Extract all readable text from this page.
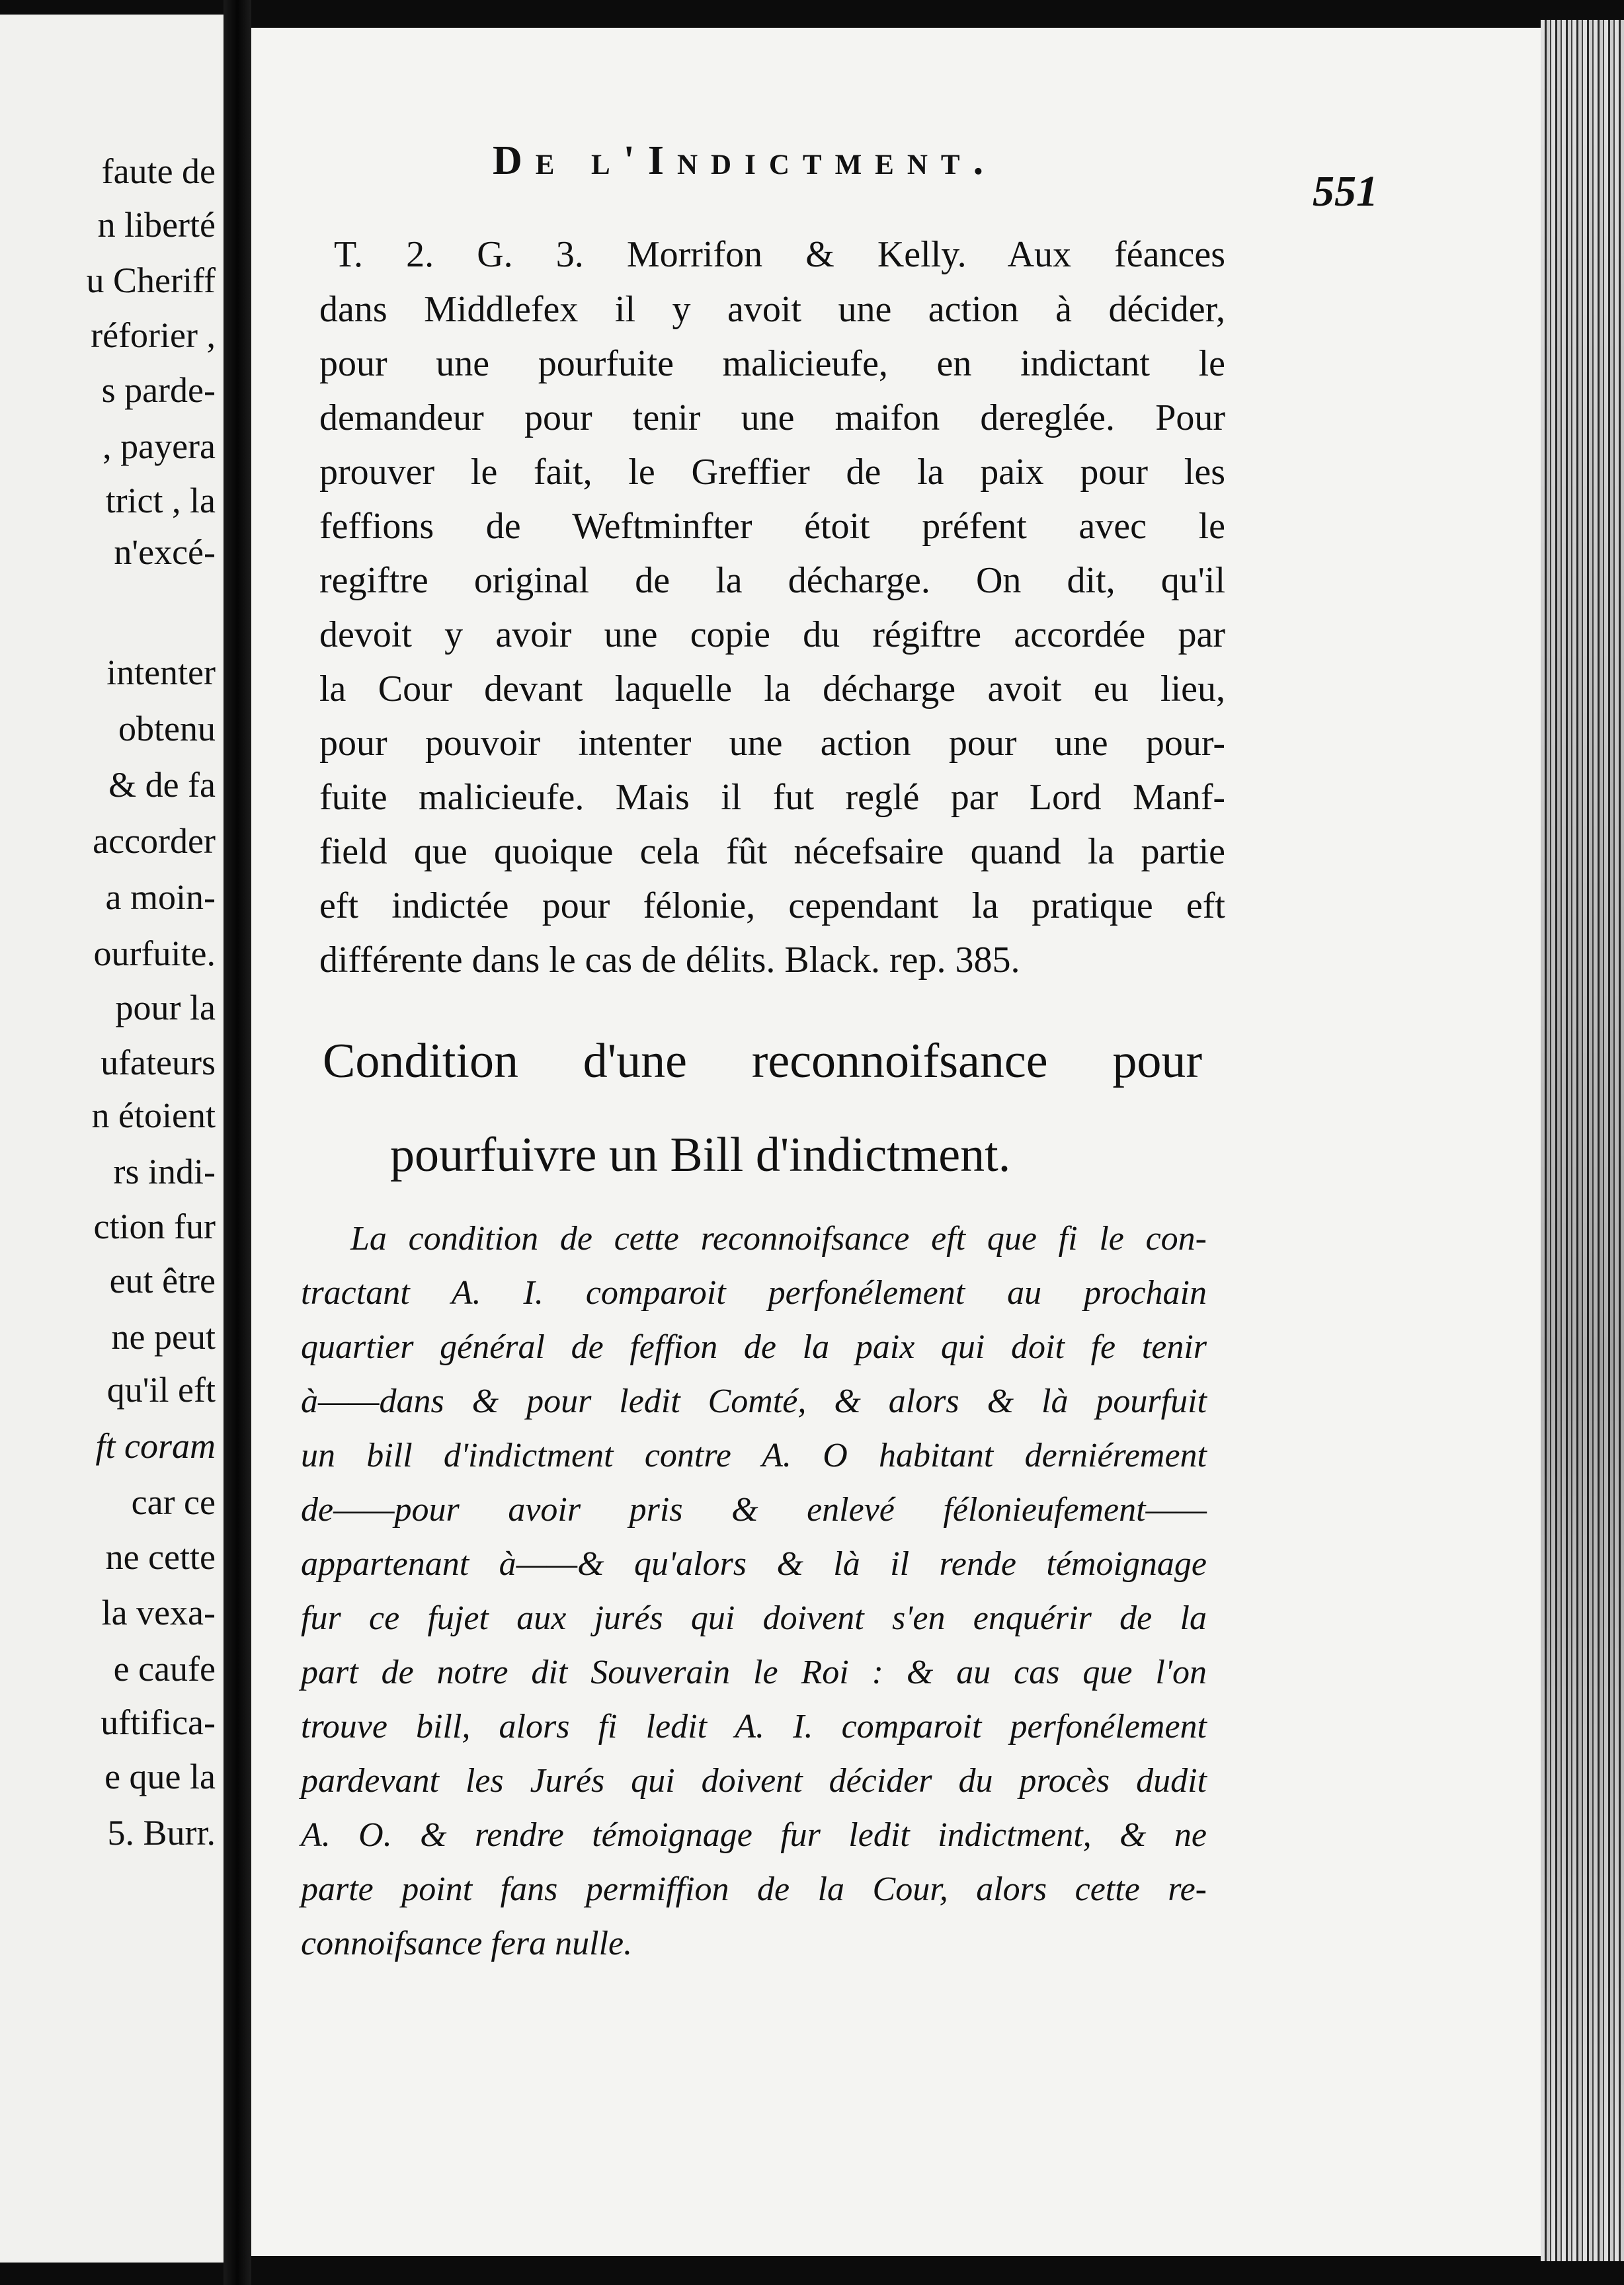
faute de
n liberté
u Cheriff
réforier ,
s parde-
, payera
trict , la
n'excé-
intenter
obtenu
& de fa
accorder
a moin-
ourfuite.
pour la
ufateurs
n étoient
rs indi-
ction fur
eut être
ne peut
qu'il eft
ft coram
car ce
ne cette
la vexa-
e caufe
uftifica-
e que la
5. Burr.
De l'Indictment.
551
T. 2. G. 3. Morrifon & Kelly. Aux féances
dans Middlefex il y avoit une action à décider,
pour une pourfuite malicieufe, en indictant le
demandeur pour tenir une maifon dereglée. Pour
prouver le fait, le Greffier de la paix pour les
feffions de Weftminfter étoit préfent avec le
regiftre original de la décharge. On dit, qu'il
devoit y avoir une copie du régiftre accordée par
la Cour devant laquelle la décharge avoit eu lieu,
pour pouvoir intenter une action pour une pour-
fuite malicieufe. Mais il fut reglé par Lord Manf-
field que quoique cela fût nécefsaire quand la partie
eft indictée pour félonie, cependant la pratique eft
différente dans le cas de délits. Black. rep. 385.
Condition d'une reconnoifsance pour
pourfuivre un Bill d'indictment.
La condition de cette reconnoifsance eft que fi le con-
tractant A. I. comparoit perfonélement au prochain
quartier général de feffion de la paix qui doit fe tenir
à——dans & pour ledit Comté, & alors & là pourfuit
un bill d'indictment contre A. O habitant derniérement
de——pour avoir pris & enlevé félonieufement——
appartenant à——& qu'alors & là il rende témoignage
fur ce fujet aux jurés qui doivent s'en enquérir de la
part de notre dit Souverain le Roi : & au cas que l'on
trouve bill, alors fi ledit A. I. comparoit perfonélement
pardevant les Jurés qui doivent décider du procès dudit
A. O. & rendre témoignage fur ledit indictment, & ne
parte point fans permiffion de la Cour, alors cette re-
connoifsance fera nulle.
